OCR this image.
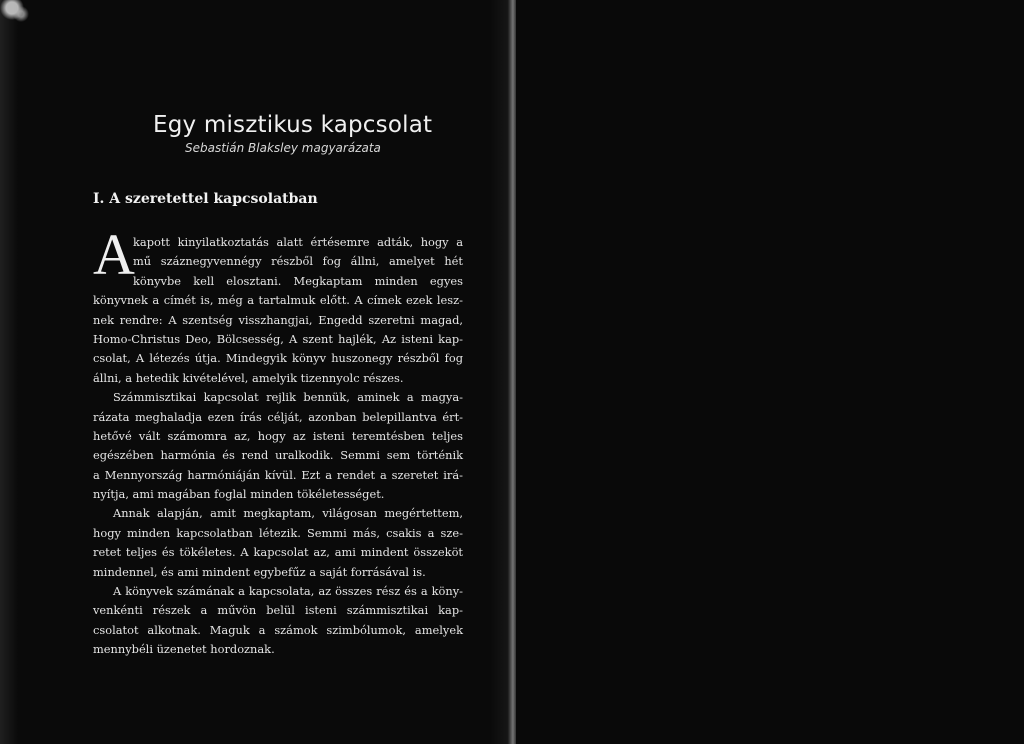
Egy misztikus kapcsolat
Sebastián Blaksley magyarázata
I. A szeretettel kapcsolatban
A
kapott kinyilatkoztatás alatt értésemre adták, hogy a
mű száznegyvennégy részből fog állni, amelyet hét
könyvbe kell elosztani. Megkaptam minden egyes
könyvnek a címét is, még a tartalmuk előtt. A címek ezek lesz-
nek rendre: A szentség visszhangjai, Engedd szeretni magad,
Homo-Christus Deo, Bölcsesség, A szent hajlék, Az isteni kap-
csolat, A létezés útja. Mindegyik könyv huszonegy részből fog
állni, a hetedik kivételével, amelyik tizennyolc részes.
Számmisztikai kapcsolat rejlik bennük, aminek a magya-
rázata meghaladja ezen írás célját, azonban belepillantva ért-
hetővé vált számomra az, hogy az isteni teremtésben teljes
egészében harmónia és rend uralkodik. Semmi sem történik
a Mennyország harmóniáján kívül. Ezt a rendet a szeretet irá-
nyítja, ami magában foglal minden tökéletességet.
Annak alapján, amit megkaptam, világosan megértettem,
hogy minden kapcsolatban létezik. Semmi más, csakis a sze-
retet teljes és tökéletes. A kapcsolat az, ami mindent összeköt
mindennel, és ami mindent egybefűz a saját forrásával is.
A könyvek számának a kapcsolata, az összes rész és a köny-
venkénti részek a művön belül isteni számmisztikai kap-
csolatot alkotnak. Maguk a számok szimbólumok, amelyek
mennybéli üzenetet hordoznak.
